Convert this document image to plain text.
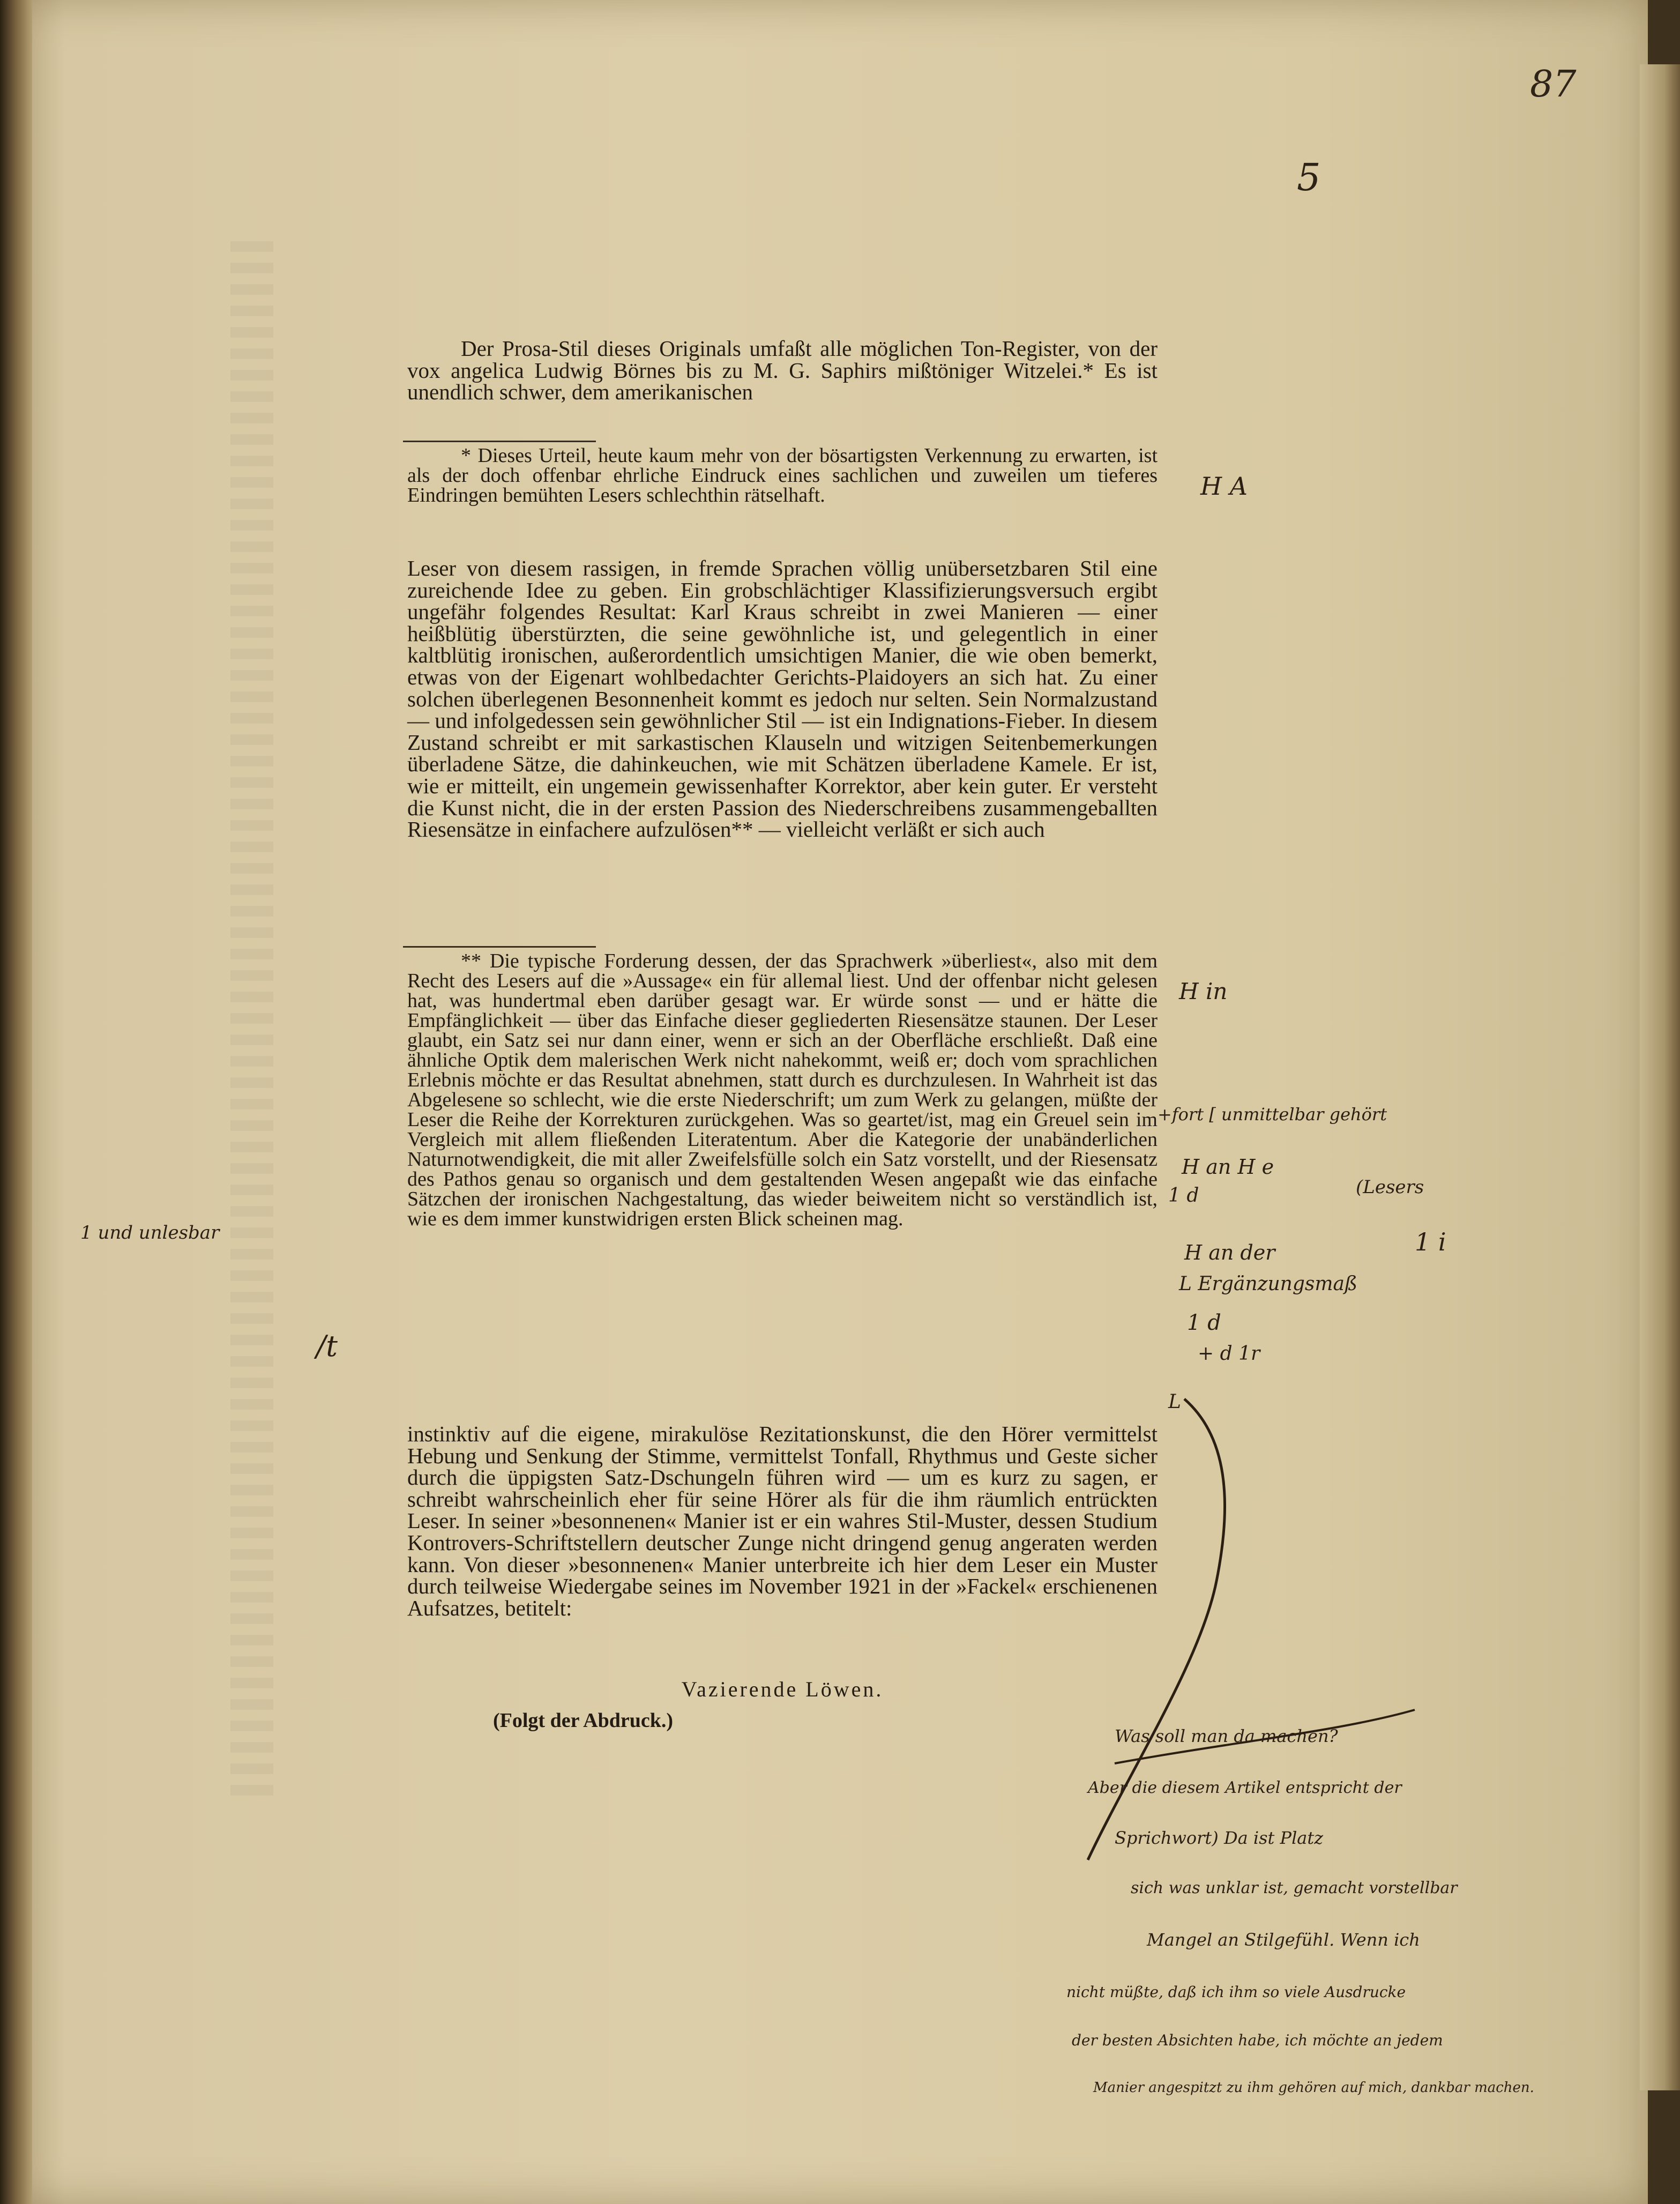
87
5

Der Prosa-Stil dieses Originals umfaßt alle möglichen Ton-Register, von der vox angelica Ludwig Börnes bis zu M. G. Saphirs mißtöniger Witzelei.* Es ist unendlich schwer, dem amerikanischen

* Dieses Urteil, heute kaum mehr von der bösartigsten Verkennung zu erwarten, ist als der doch offenbar ehrliche Eindruck eines sachlichen und zuweilen um tieferes Eindringen bemühten Lesers schlechthin rätselhaft.

Leser von diesem rassigen, in fremde Sprachen völlig unübersetzbaren Stil eine zureichende Idee zu geben. Ein grobschlächtiger Klassifizierungsversuch ergibt ungefähr folgendes Resultat: Karl Kraus schreibt in zwei Manieren — einer heißblütig überstürzten, die seine gewöhnliche ist, und gelegentlich in einer kaltblütig ironischen, außerordentlich umsichtigen Manier, die wie oben bemerkt, etwas von der Eigenart wohlbedachter Gerichts-Plaidoyers an sich hat. Zu einer solchen überlegenen Besonnenheit kommt es jedoch nur selten. Sein Normalzustand — und infolgedessen sein gewöhnlicher Stil — ist ein Indignations-Fieber. In diesem Zustand schreibt er mit sarkastischen Klauseln und witzigen Seitenbemerkungen überladene Sätze, die dahinkeuchen, wie mit Schätzen überladene Kamele. Er ist, wie er mitteilt, ein ungemein gewissenhafter Korrektor, aber kein guter. Er versteht die Kunst nicht, die in der ersten Passion des Niederschreibens zusammengeballten Riesensätze in einfachere aufzulösen** — vielleicht verläßt er sich auch

** Die typische Forderung dessen, der das Sprachwerk »überliest«, also mit dem Recht des Lesers auf die »Aussage« ein für allemal liest. Und der offenbar nicht gelesen hat, was hundertmal eben darüber gesagt war. Er würde sonst — und er hätte die Empfänglichkeit — über das Einfache dieser gegliederten Riesensätze staunen. Der Leser glaubt, ein Satz sei nur dann einer, wenn er sich an der Oberfläche erschließt. Daß eine ähnliche Optik dem malerischen Werk nicht nahekommt, weiß er; doch vom sprachlichen Erlebnis möchte er das Resultat abnehmen, statt durch es durchzulesen. In Wahrheit ist das Abgelesene so schlecht, wie die erste Niederschrift; um zum Werk zu gelangen, müßte der Leser die Reihe der Korrekturen zurückgehen. Was so geartet/ist, mag ein Greuel sein im Vergleich mit allem fließenden Literatentum. Aber die Kategorie der unabänderlichen Naturnotwendigkeit, die mit aller Zweifelsfülle solch ein Satz vorstellt, und der Riesensatz des Pathos genau so organisch und dem gestaltenden Wesen angepaßt wie das einfache Sätzchen der ironischen Nachgestaltung, das wieder beiweitem nicht so verständlich ist, wie es dem immer kunstwidrigen ersten Blick scheinen mag.

instinktiv auf die eigene, mirakulöse Rezitationskunst, die den Hörer vermittelst Hebung und Senkung der Stimme, vermittelst Tonfall, Rhythmus und Geste sicher durch die üppigsten Satz-Dschungeln führen wird — um es kurz zu sagen, er schreibt wahrscheinlich eher für seine Hörer als für die ihm räumlich entrückten Leser. In seiner »besonnenen« Manier ist er ein wahres Stil-Muster, dessen Studium Kontrovers-Schriftstellern deutscher Zunge nicht dringend genug angeraten werden kann. Von dieser »besonnenen« Manier unterbreite ich hier dem Leser ein Muster durch teilweise Wiedergabe seines im November 1921 in der »Fackel« erschienenen Aufsatzes, betitelt:

Vazierende Löwen.
(Folgt der Abdruck.)
1 und unlesbar
/t
H A
H in
+fort [ unmittelbar gehört
H an H e
(Lesers
1 d
1 i
H an der
L Ergänzungsmaß
1 d
+ d 1r
L
Was soll man da machen?
Aber die diesem Artikel entspricht der
Sprichwort) Da ist Platz
sich was unklar ist, gemacht vorstellbar
Mangel an Stilgefühl. Wenn ich
nicht müßte, daß ich ihm so viele Ausdrucke
der besten Absichten habe, ich möchte an jedem
Manier angespitzt zu ihm gehören auf mich, dankbar machen.
